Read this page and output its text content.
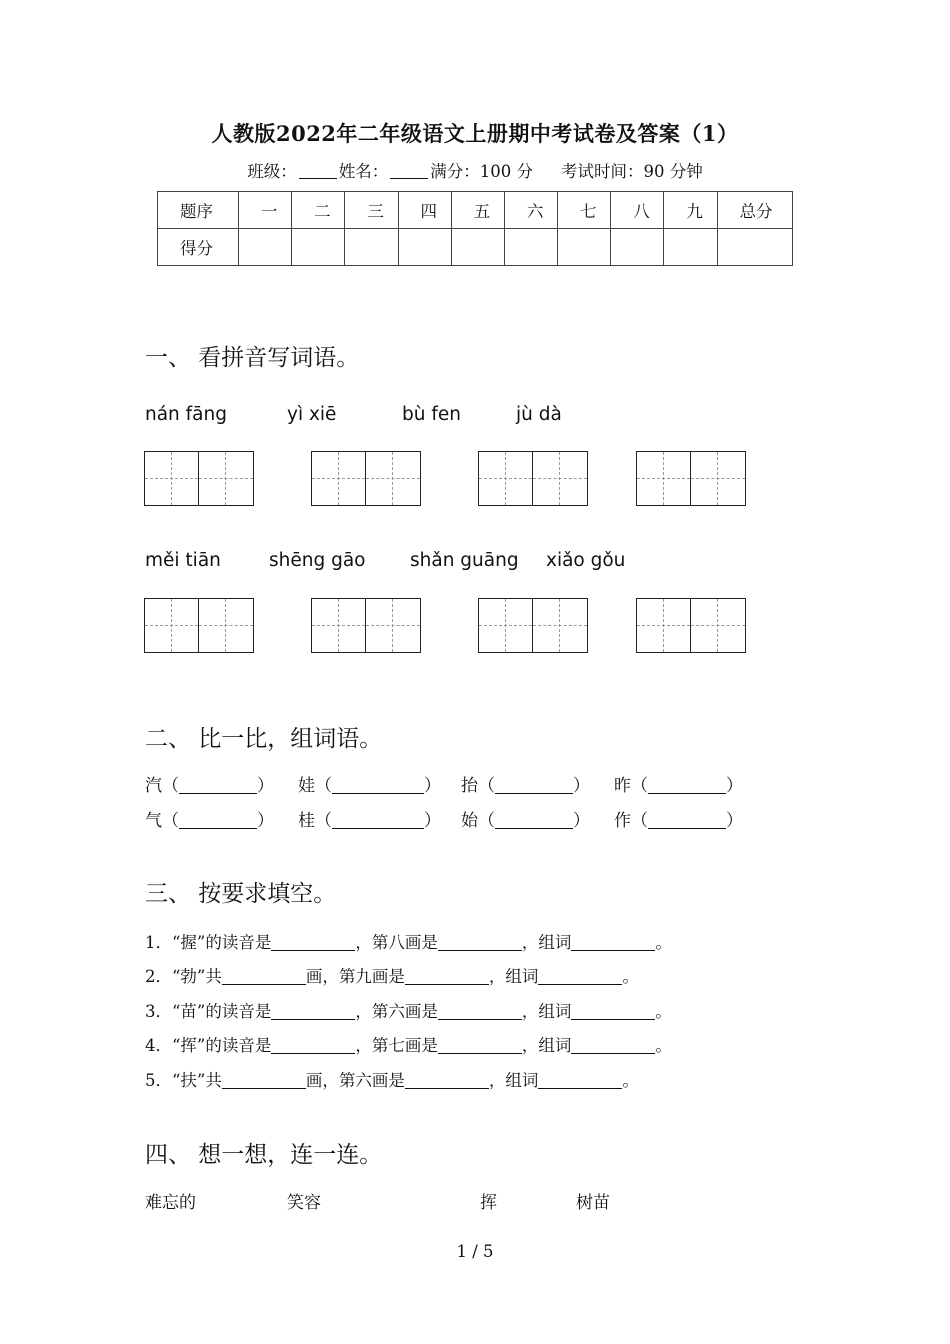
人教版2022年二年级语文上册期中考试卷及答案（1）
班级：	姓名：	满分：100 分 考试时间：90 分钟
题序	一	二	三	四	五	六	七	八	九	总分
得分										
一、 看拼音写词语。
nán fāng	yì xiē	bù fen	jù dà
měi tiān	shēng gāo shǎn guāng xiǎo gǒu
二、 比一比，组词语。
汽（	） 娃（	） 抬（	） 昨（	）
气（	） 桂（	） 始（	） 作（	）
三、 按要求填空。
1．“握”的读音是	，第八画是	，组词	。
2．“勃”共	画，第九画是	，组词	。
3．“苗”的读音是	，第六画是	，组词	。
4．“挥”的读音是	，第七画是	，组词	。
5．“扶”共	画，第六画是	，组词	。
四、 想一想，连一连。
难忘的	笑容	挥	树苗
1 / 5
